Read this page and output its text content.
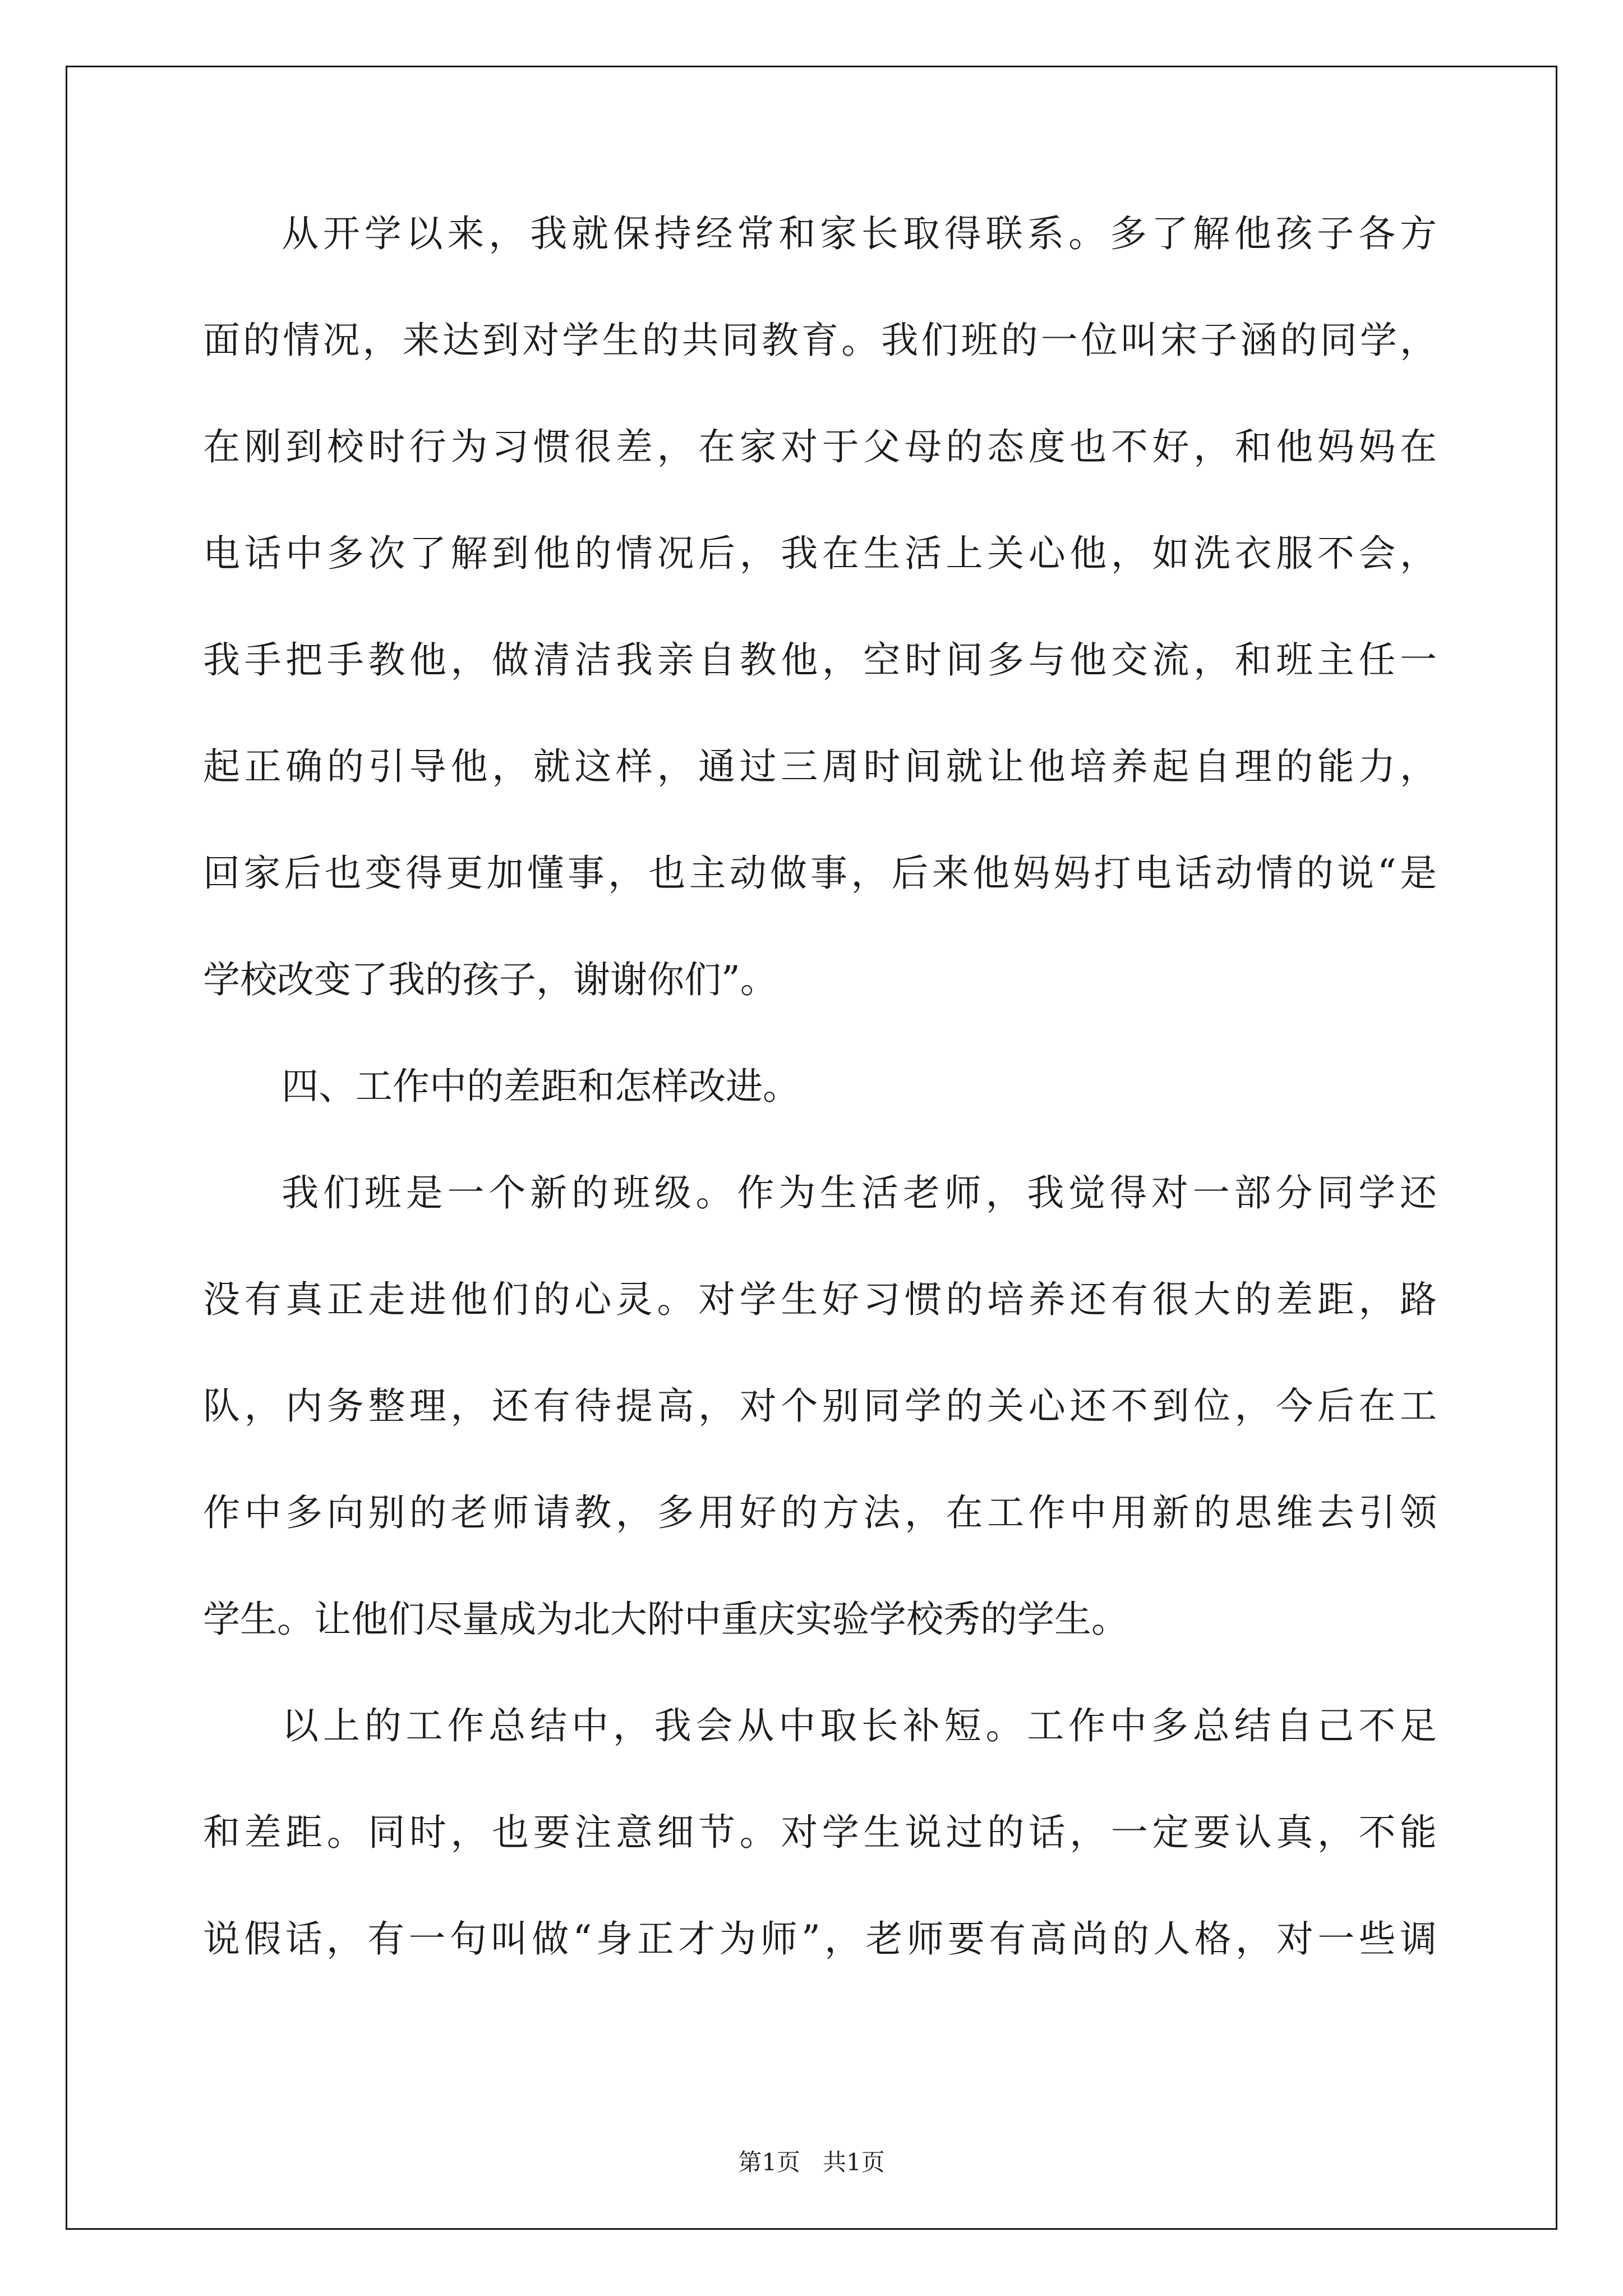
从开学以来，我就保持经常和家长取得联系。多了解他孩子各方
面的情况，来达到对学生的共同教育。我们班的一位叫宋子涵的同学，
在刚到校时行为习惯很差，在家对于父母的态度也不好，和他妈妈在
电话中多次了解到他的情况后，我在生活上关心他，如洗衣服不会，
我手把手教他，做清洁我亲自教他，空时间多与他交流，和班主任一
起正确的引导他，就这样，通过三周时间就让他培养起自理的能力，
回家后也变得更加懂事，也主动做事，后来他妈妈打电话动情的说“是
学校改变了我的孩子，谢谢你们”。
四、工作中的差距和怎样改进。
我们班是一个新的班级。作为生活老师，我觉得对一部分同学还
没有真正走进他们的心灵。对学生好习惯的培养还有很大的差距，路
队，内务整理，还有待提高，对个别同学的关心还不到位，今后在工
作中多向别的老师请教，多用好的方法，在工作中用新的思维去引领
学生。让他们尽量成为北大附中重庆实验学校秀的学生。
以上的工作总结中，我会从中取长补短。工作中多总结自己不足
和差距。同时，也要注意细节。对学生说过的话，一定要认真，不能
说假话，有一句叫做“身正才为师”，老师要有高尚的人格，对一些调
第1页   共1页
